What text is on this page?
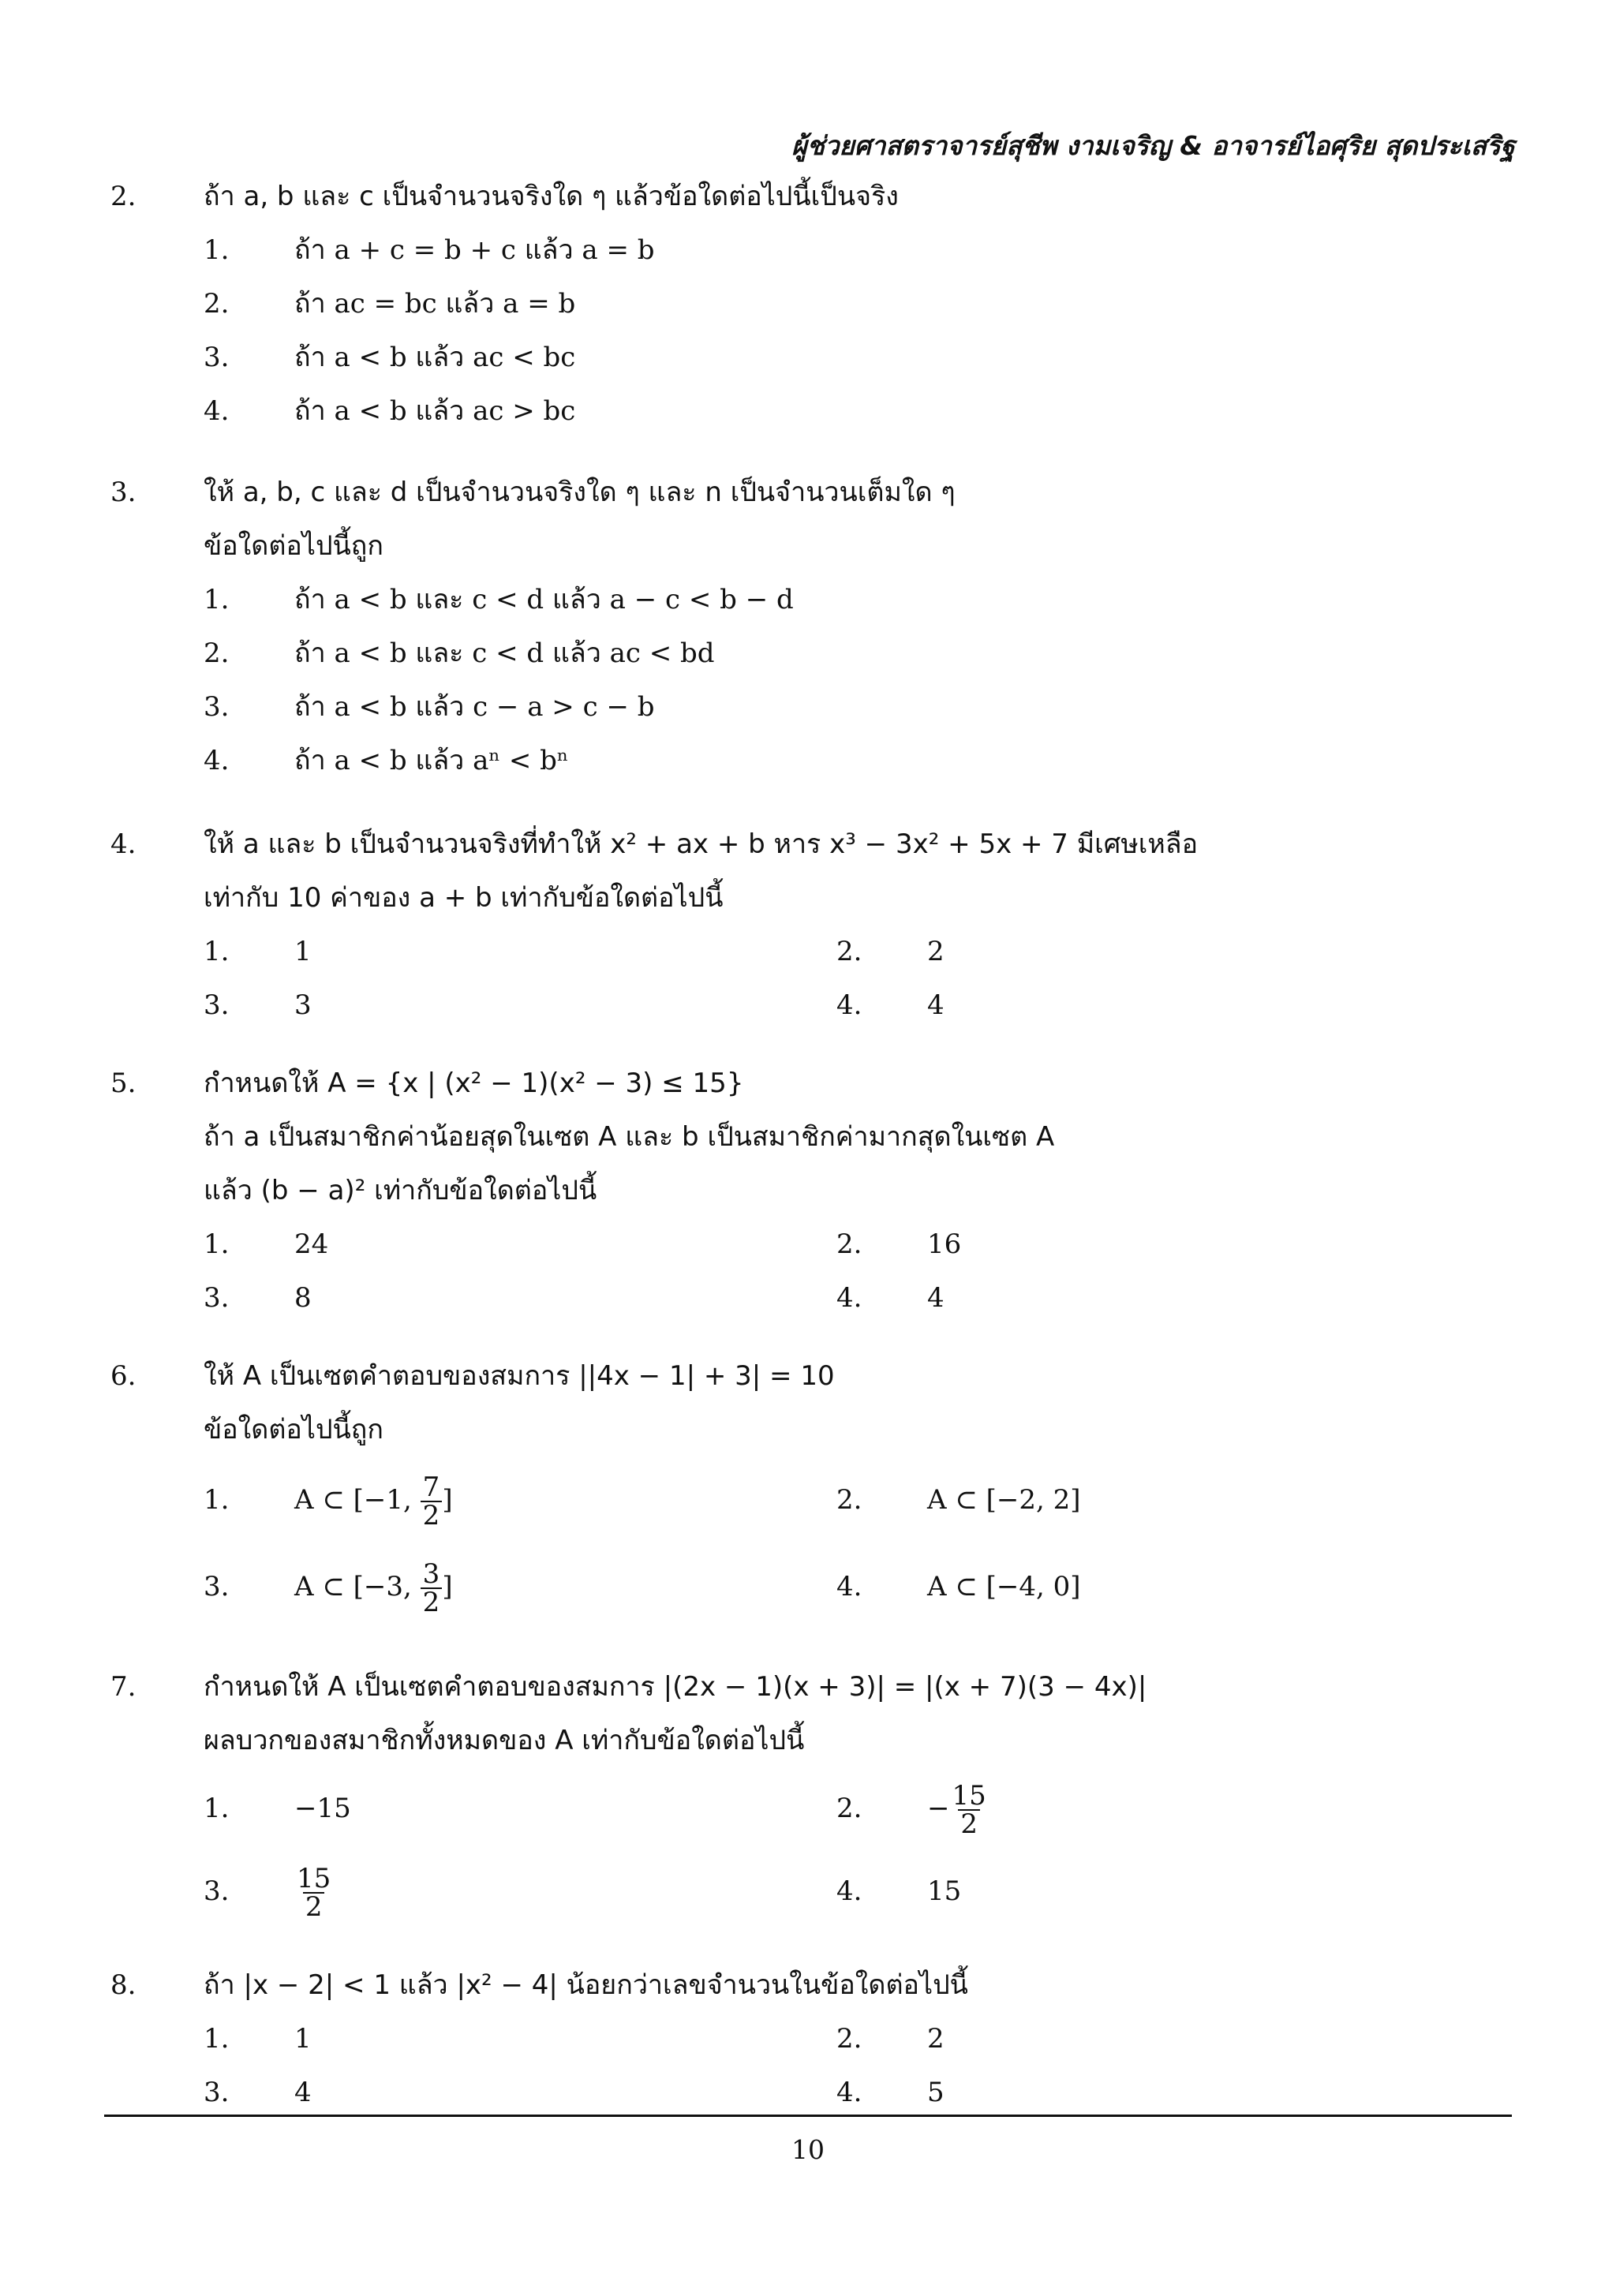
ผู้ช่วยศาสตราจารย์สุชีพ งามเจริญ & อาจารย์ไอศุริย สุดประเสริฐ
2.	ถ้า a, b และ c เป็นจำนวนจริงใด ๆ แล้วข้อใดต่อไปนี้เป็นจริง
1. ถ้า a + c = b + c แล้ว a = b
2. ถ้า ac = bc แล้ว a = b
3. ถ้า a < b แล้ว ac < bc
4. ถ้า a < b แล้ว ac > bc
3.	ให้ a, b, c และ d เป็นจำนวนจริงใด ๆ และ n เป็นจำนวนเต็มใด ๆ
ข้อใดต่อไปนี้ถูก
1. ถ้า a < b และ c < d แล้ว a − c < b − d
2. ถ้า a < b และ c < d แล้ว ac < bd
3. ถ้า a < b แล้ว c − a > c − b
4. ถ้า a < b แล้ว aⁿ < bⁿ
4.	ให้ a และ b เป็นจำนวนจริงที่ทำให้ x² + ax + b หาร x³ − 3x² + 5x + 7 มีเศษเหลือ
เท่ากับ 10 ค่าของ a + b เท่ากับข้อใดต่อไปนี้
1. 1	2. 2
3. 3	4. 4
5.	กำหนดให้ A = {x | (x² − 1)(x² − 3) ≤ 15}
ถ้า a เป็นสมาชิกค่าน้อยสุดในเซต A และ b เป็นสมาชิกค่ามากสุดในเซต A
แล้ว (b − a)² เท่ากับข้อใดต่อไปนี้
1. 24	2. 16
3. 8	4. 4
6.	ให้ A เป็นเซตคำตอบของสมการ ||4x − 1| + 3| = 10
ข้อใดต่อไปนี้ถูก
1. A ⊂ [−1, $\frac{7}{2}$ ]	2. A ⊂ [−2, 2]
3. A ⊂ [−3, $\frac{3}{2}$ ]	4. A ⊂ [−4, 0]
7.	กำหนดให้ A เป็นเซตคำตอบของสมการ |(2x − 1)(x + 3)| = |(x + 7)(3 − 4x)|
ผลบวกของสมาชิกทั้งหมดของ A เท่ากับข้อใดต่อไปนี้
1. −15	2. − $\frac{15}{2}$
3. $\frac{15}{2}$	4. 15
8.	ถ้า |x − 2| < 1 แล้ว |x² − 4| น้อยกว่าเลขจำนวนในข้อใดต่อไปนี้
1. 1	2. 2
3. 4	4. 5
10
